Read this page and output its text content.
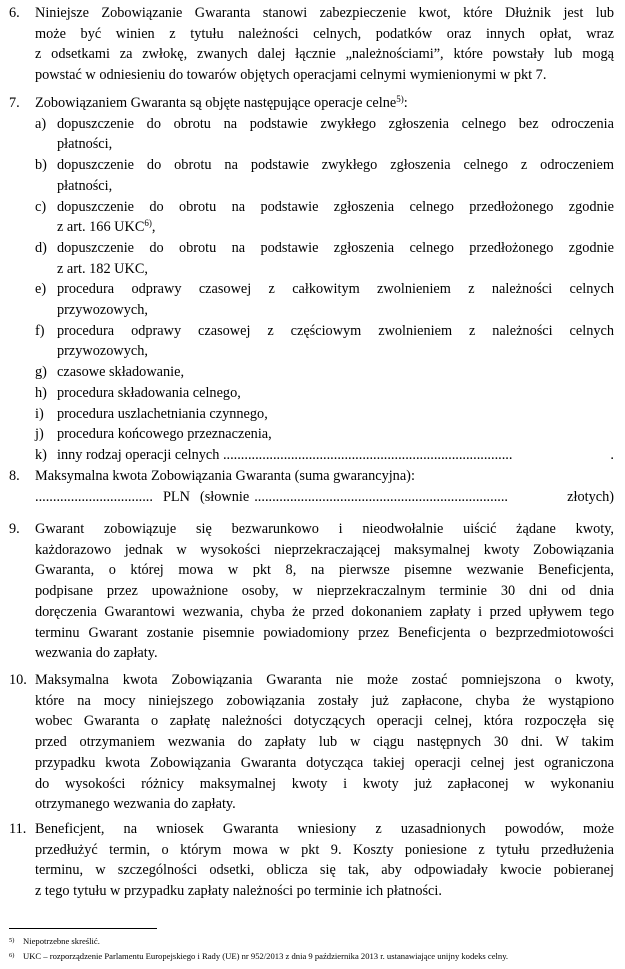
6. Niniejsze Zobowiązanie Gwaranta stanowi zabezpieczenie kwot, które Dłużnik jest lub
może być winien z tytułu należności celnych, podatków oraz innych opłat, wraz
z odsetkami za zwłokę, zwanych dalej łącznie „należnościami”, które powstały lub mogą
powstać w odniesieniu do towarów objętych operacjami celnymi wymienionymi w pkt 7.
7. Zobowiązaniem Gwaranta są objęte następujące operacje celne$^{5)}$:
a) dopuszczenie do obrotu na podstawie zwykłego zgłoszenia celnego bez odroczenia
płatności,
b) dopuszczenie do obrotu na podstawie zwykłego zgłoszenia celnego z odroczeniem
płatności,
c) dopuszczenie do obrotu na podstawie zgłoszenia celnego przedłożonego zgodnie
z art. 166 UKC$^{6)}$,
d) dopuszczenie do obrotu na podstawie zgłoszenia celnego przedłożonego zgodnie
z art. 182 UKC,
e) procedura odprawy czasowej z całkowitym zwolnieniem z należności celnych
przywozowych,
f) procedura odprawy czasowej z częściowym zwolnieniem z należności celnych
przywozowych,
g) czasowe składowanie,
h) procedura składowania celnego,
i) procedura uszlachetniania czynnego,
j) procedura końcowego przeznaczenia,
k) inny rodzaj operacji celnych
.................................................................................	.
8. Maksymalna kwota Zobowiązania Gwaranta (suma gwarancyjna):
................................. PLN (słownie .......................................................................	złotych)
9. Gwarant zobowiązuje się bezwarunkowo i nieodwołalnie uiścić żądane kwoty,
każdorazowo jednak w wysokości nieprzekraczającej maksymalnej kwoty Zobowiązania
Gwaranta, o której mowa w pkt 8, na pierwsze pisemne wezwanie Beneficjenta,
podpisane przez upoważnione osoby, w nieprzekraczalnym terminie 30 dni od dnia
doręczenia Gwarantowi wezwania, chyba że przed dokonaniem zapłaty i przed upływem tego
terminu Gwarant zostanie pisemnie powiadomiony przez Beneficjenta o bezprzedmiotowości
wezwania do zapłaty.
10. Maksymalna kwota Zobowiązania Gwaranta nie może zostać pomniejszona o kwoty,
które na mocy niniejszego zobowiązania zostały już zapłacone, chyba że wystąpiono
wobec Gwaranta o zapłatę należności dotyczących operacji celnej, która rozpoczęła się
przed otrzymaniem wezwania do zapłaty lub w ciągu następnych 30 dni. W takim
przypadku kwota Zobowiązania Gwaranta dotycząca takiej operacji celnej jest ograniczona
do wysokości różnicy maksymalnej kwoty i kwoty już zapłaconej w wykonaniu
otrzymanego wezwania do zapłaty.
11. Beneficjent, na wniosek Gwaranta wniesiony z uzasadnionych powodów, może
przedłużyć termin, o którym mowa w pkt 9. Koszty poniesione z tytułu przedłużenia
terminu, w szczególności odsetki, oblicza się tak, aby odpowiadały kwocie pobieranej
z tego tytułu w przypadku zapłaty należności po terminie ich płatności.
5) Niepotrzebne skreślić.
6) UKC – rozporządzenie Parlamentu Europejskiego i Rady (UE) nr 952/2013 z dnia 9 października 2013 r. ustanawiające unijny kodeks celny.
